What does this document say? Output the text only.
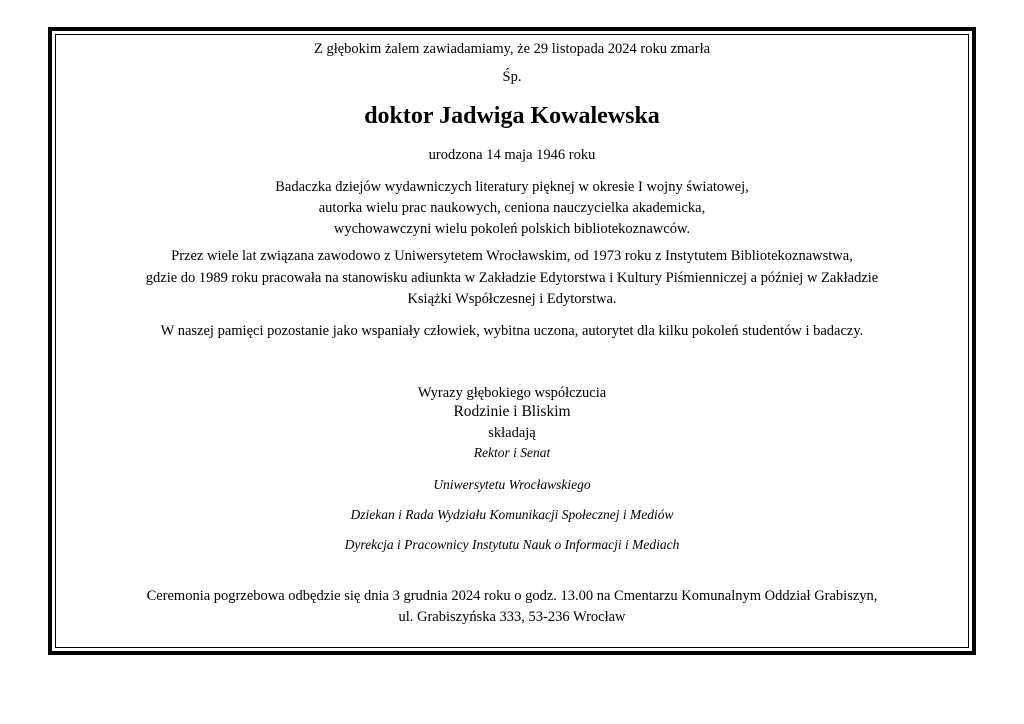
Z głębokim żalem zawiadamiamy, że 29 listopada 2024 roku zmarła
Śp.
doktor Jadwiga Kowalewska
urodzona 14 maja 1946 roku
Badaczka dziejów wydawniczych literatury pięknej w okresie I wojny światowej,
autorka wielu prac naukowych, ceniona nauczycielka akademicka,
wychowawczyni wielu pokoleń polskich bibliotekoznawców.
Przez wiele lat związana zawodowo z Uniwersytetem Wrocławskim, od 1973 roku z Instytutem Bibliotekoznawstwa,
gdzie do 1989 roku pracowała na stanowisku adiunkta w Zakładzie Edytorstwa i Kultury Piśmienniczej a później w Zakładzie
Książki Współczesnej i Edytorstwa.
W naszej pamięci pozostanie jako wspaniały człowiek, wybitna uczona, autorytet dla kilku pokoleń studentów i badaczy.
Wyrazy głębokiego współczucia
Rodzinie i Bliskim
składają
Rektor i Senat
Uniwersytetu Wrocławskiego
Dziekan i Rada Wydziału Komunikacji Społecznej i Mediów
Dyrekcja i Pracownicy Instytutu Nauk o Informacji i Mediach
Ceremonia pogrzebowa odbędzie się dnia 3 grudnia 2024 roku o godz. 13.00 na Cmentarzu Komunalnym Oddział Grabiszyn,
ul. Grabiszyńska 333, 53-236 Wrocław
